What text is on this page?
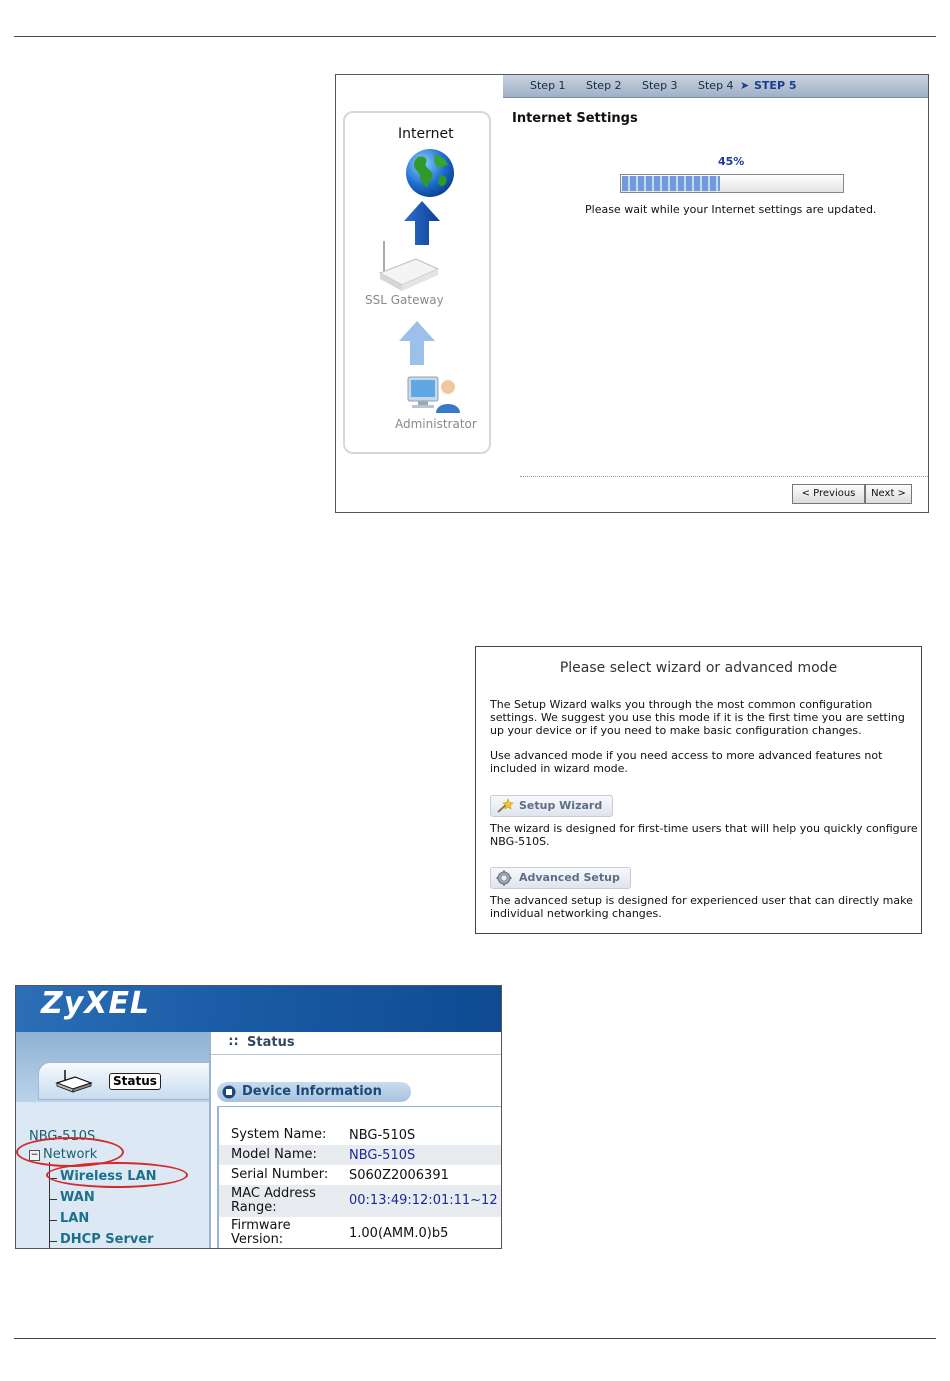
Step 1 Step 2 Step 3 Step 4 ➤ STEP 5
Internet
SSL Gateway
Administrator
Internet Settings
45%
Please wait while your Internet settings are updated.
< Previous	Next >
Please select wizard or advanced mode
The Setup Wizard walks you through the most common configuration settings. We suggest you use this mode if it is the first time you are setting up your device or if you need to make basic configuration changes.
Use advanced mode if you need access to more advanced features not included in wizard mode.
Setup Wizard
The wizard is designed for first-time users that will help you quickly configure NBG-510S.
Advanced Setup
The advanced setup is designed for experienced user that can directly make individual networking changes.
ZyXEL
Status
NBG-510S
− Network
Wireless LAN
WAN
LAN
DHCP Server
∷ Status
Device Information
System Name: NBG-510S
Model Name: NBG-510S
Serial Number: S060Z2006391
MAC Address Range:	00:13:49:12:01:11~12
Firmware Version:	1.00(AMM.0)b5
